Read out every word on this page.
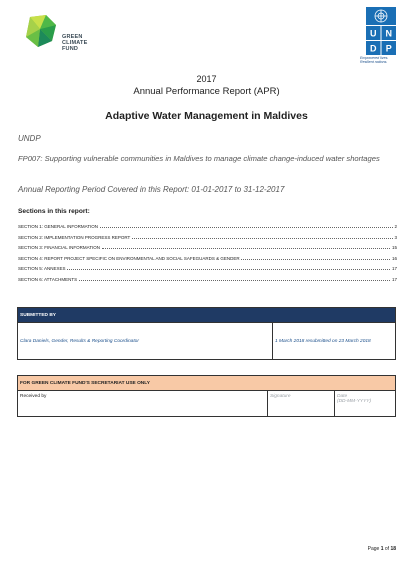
GREEN
CLIMATE
FUND
U N
D P
Empowered lives.
Resilient nations.
2017
Annual Performance Report (APR)
Adaptive Water Management in Maldives
UNDP
FP007: Supporting vulnerable communities in Maldives to manage climate change-induced water shortages
Annual Reporting Period Covered in this Report: 01-01-2017 to 31-12-2017
Sections in this report:
SECTION 1: GENERAL INFORMATION	2
SECTION 2: IMPLEMENTATION PROGRESS REPORT	3
SECTION 3: FINANCIAL INFORMATION	15
SECTION 4: REPORT PROJECT SPECIFIC ON ENVIRONMENTAL AND SOCIAL SAFEGUARDS & GENDER	16
SECTION 5: ANNEXES	17
SECTION 6: ATTACHMENTS	17
SUBMITTED BY
Clara Daniels, Gender, Results & Reporting Coordinator	1 March 2018 resubmitted on 23 March 2018
FOR GREEN CLIMATE FUND'S SECRETARIAT USE ONLY
Received by	Signature	Date
(DD-MM-YYYY)
Page 1 of 18
